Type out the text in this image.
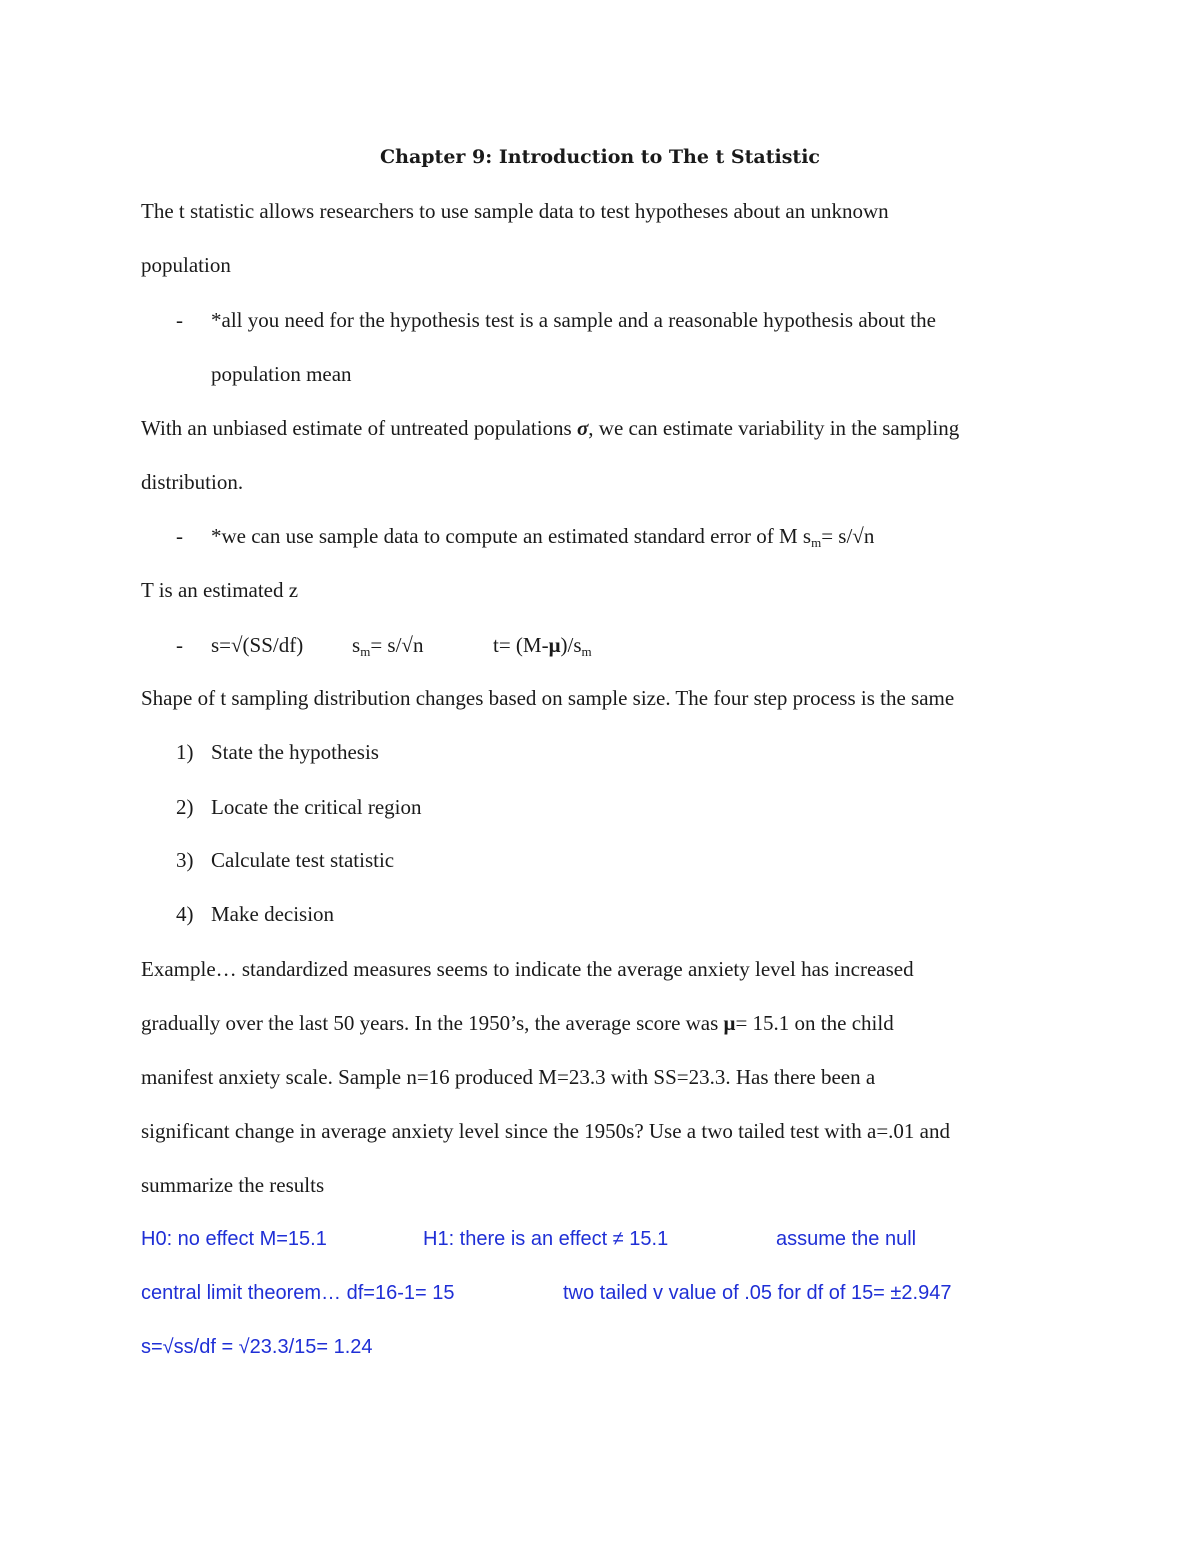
Chapter 9: Introduction to The t Statistic
The t statistic allows researchers to use sample data to test hypotheses about an unknown
population
- *all you need for the hypothesis test is a sample and a reasonable hypothesis about the
population mean
With an unbiased estimate of untreated populations σ, we can estimate variability in the sampling
distribution.
- *we can use sample data to compute an estimated standard error of M $s_m= s/√n$
T is an estimated z
- s=√(SS/df) $s_m= s/√n$	$t= (M-\mu)/s_m$
Shape of t sampling distribution changes based on sample size. The four step process is the same
1) State the hypothesis
2) Locate the critical region
3) Calculate test statistic
4) Make decision
Example… standardized measures seems to indicate the average anxiety level has increased
gradually over the last 50 years. In the 1950’s, the average score was μ= 15.1 on the child
manifest anxiety scale. Sample n=16 produced M=23.3 with SS=23.3. Has there been a
significant change in average anxiety level since the 1950s? Use a two tailed test with a=.01 and
summarize the results
H0: no effect M=15.1	H1: there is an effect ≠ 15.1	assume the null
central limit theorem… df=16-1= 15	two tailed v value of .05 for df of 15= ±2.947
s=√ss/df = √23.3/15= 1.24
